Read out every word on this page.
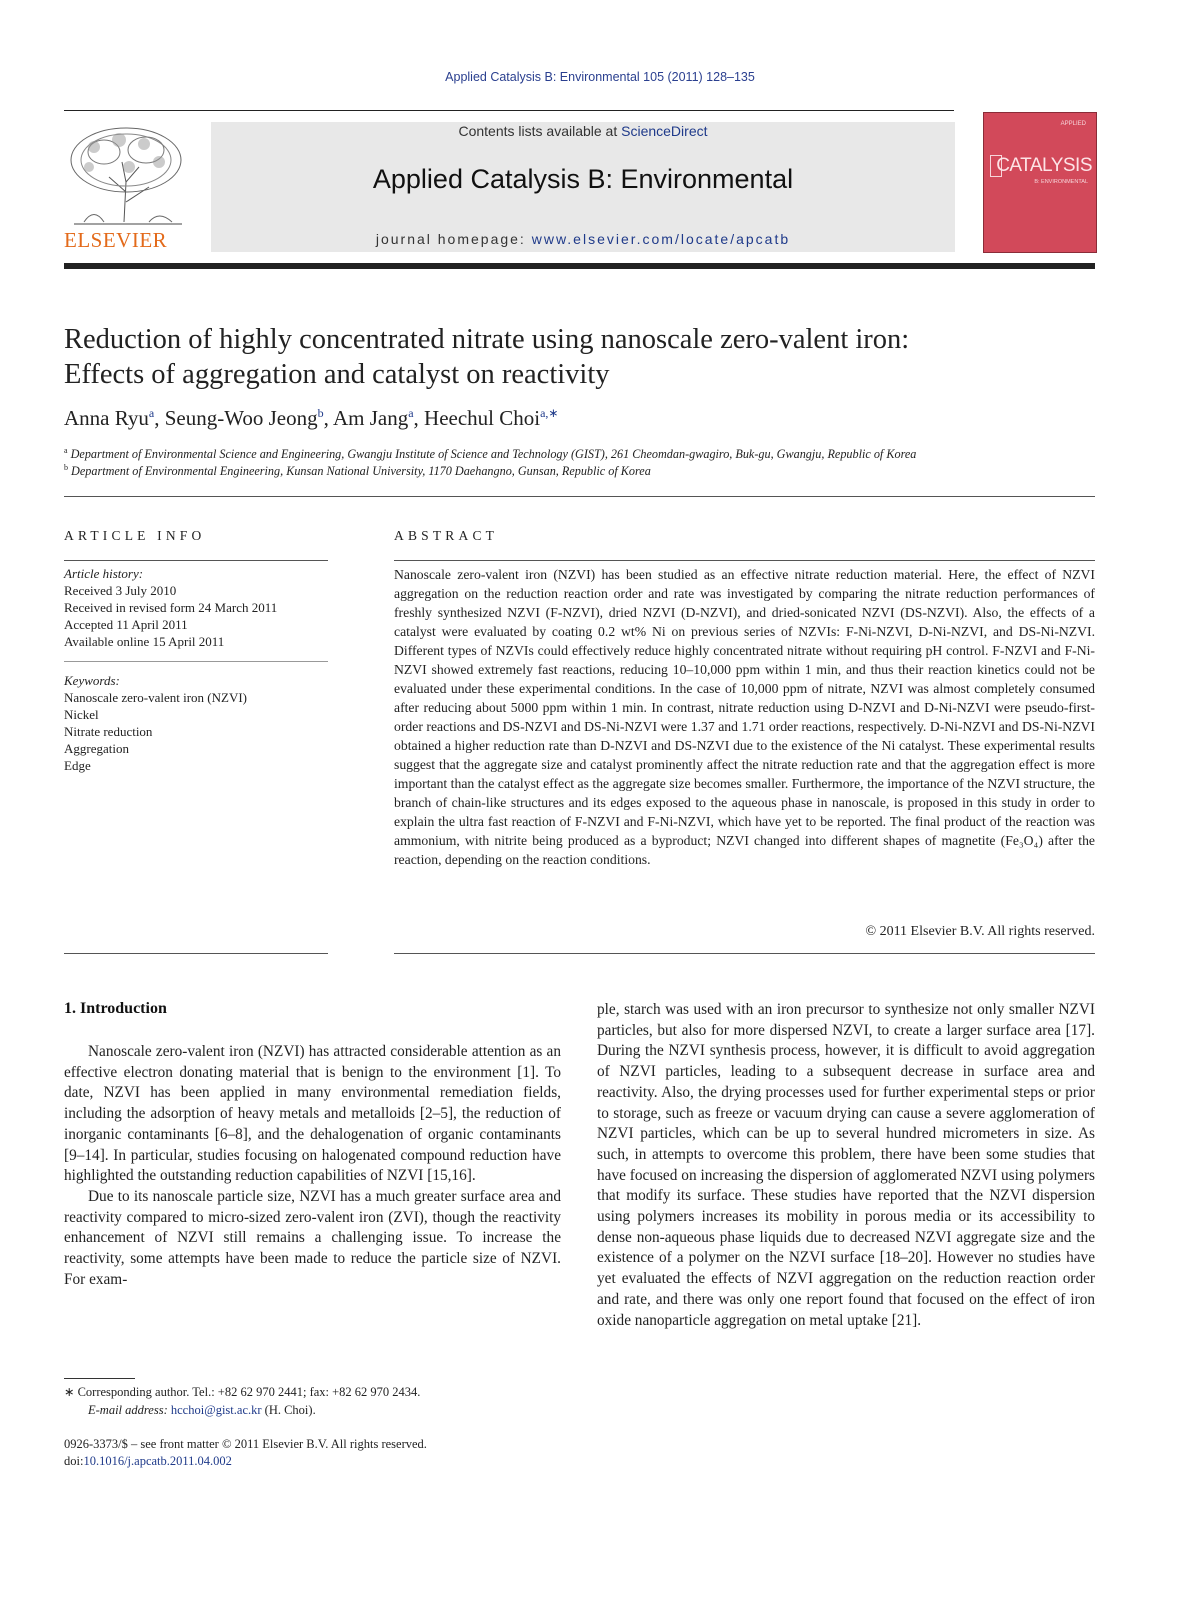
Applied Catalysis B: Environmental 105 (2011) 128–135
ELSEVIER
Contents lists available at ScienceDirect
Applied Catalysis B: Environmental
journal homepage: www.elsevier.com/locate/apcatb
APPLIED
CATALYSIS
B: ENVIRONMENTAL
Reduction of highly concentrated nitrate using nanoscale zero-valent iron:
Effects of aggregation and catalyst on reactivity
Anna Ryu$^a$, Seung-Woo Jeong$^b$, Am Jang$^a$, Heechul Choi$^{a,∗}$
$^a$ Department of Environmental Science and Engineering, Gwangju Institute of Science and Technology (GIST), 261 Cheomdan-gwagiro, Buk-gu, Gwangju, Republic of Korea
$^b$ Department of Environmental Engineering, Kunsan National University, 1170 Daehangno, Gunsan, Republic of Korea
ARTICLE INFO
Article history:
Received 3 July 2010
Received in revised form 24 March 2011
Accepted 11 April 2011
Available online 15 April 2011
Keywords:
Nanoscale zero-valent iron (NZVI)
Nickel
Nitrate reduction
Aggregation
Edge
ABSTRACT
Nanoscale zero-valent iron (NZVI) has been studied as an effective nitrate reduction material. Here, the effect of NZVI aggregation on the reduction reaction order and rate was investigated by comparing the nitrate reduction performances of freshly synthesized NZVI (F-NZVI), dried NZVI (D-NZVI), and dried-sonicated NZVI (DS-NZVI). Also, the effects of a catalyst were evaluated by coating 0.2 wt% Ni on previous series of NZVIs: F-Ni-NZVI, D-Ni-NZVI, and DS-Ni-NZVI. Different types of NZVIs could effectively reduce highly concentrated nitrate without requiring pH control. F-NZVI and F-Ni-NZVI showed extremely fast reactions, reducing 10–10,000 ppm within 1 min, and thus their reaction kinetics could not be evaluated under these experimental conditions. In the case of 10,000 ppm of nitrate, NZVI was almost completely consumed after reducing about 5000 ppm within 1 min. In contrast, nitrate reduction using D-NZVI and D-Ni-NZVI were pseudo-first-order reactions and DS-NZVI and DS-Ni-NZVI were 1.37 and 1.71 order reactions, respectively. D-Ni-NZVI and DS-Ni-NZVI obtained a higher reduction rate than D-NZVI and DS-NZVI due to the existence of the Ni catalyst. These experimental results suggest that the aggregate size and catalyst prominently affect the nitrate reduction rate and that the aggregation effect is more important than the catalyst effect as the aggregate size becomes smaller. Furthermore, the importance of the NZVI structure, the branch of chain-like structures and its edges exposed to the aqueous phase in nanoscale, is proposed in this study in order to explain the ultra fast reaction of F-NZVI and F-Ni-NZVI, which have yet to be reported. The final product of the reaction was ammonium, with nitrite being produced as a byproduct; NZVI changed into different shapes of magnetite (Fe₃O₄) after the reaction, depending on the reaction conditions.
© 2011 Elsevier B.V. All rights reserved.
1. Introduction

Nanoscale zero-valent iron (NZVI) has attracted considerable attention as an effective electron donating material that is benign to the environment [1]. To date, NZVI has been applied in many environmental remediation fields, including the adsorption of heavy metals and metalloids [2–5], the reduction of inorganic contaminants [6–8], and the dehalogenation of organic contaminants [9–14]. In particular, studies focusing on halogenated compound reduction have highlighted the outstanding reduction capabilities of NZVI [15,16].

Due to its nanoscale particle size, NZVI has a much greater surface area and reactivity compared to micro-sized zero-valent iron (ZVI), though the reactivity enhancement of NZVI still remains a challenging issue. To increase the reactivity, some attempts have been made to reduce the particle size of NZVI. For exam-

ple, starch was used with an iron precursor to synthesize not only smaller NZVI particles, but also for more dispersed NZVI, to create a larger surface area [17]. During the NZVI synthesis process, however, it is difficult to avoid aggregation of NZVI particles, leading to a subsequent decrease in surface area and reactivity. Also, the drying processes used for further experimental steps or prior to storage, such as freeze or vacuum drying can cause a severe agglomeration of NZVI particles, which can be up to several hundred micrometers in size. As such, in attempts to overcome this problem, there have been some studies that have focused on increasing the dispersion of agglomerated NZVI using polymers that modify its surface. These studies have reported that the NZVI dispersion using polymers increases its mobility in porous media or its accessibility to dense non-aqueous phase liquids due to decreased NZVI aggregate size and the existence of a polymer on the NZVI surface [18–20]. However no studies have yet evaluated the effects of NZVI aggregation on the reduction reaction order and rate, and there was only one report found that focused on the effect of iron oxide nanoparticle aggregation on metal uptake [21].

∗ Corresponding author. Tel.: +82 62 970 2441; fax: +82 62 970 2434.
E-mail address: hcchoi@gist.ac.kr (H. Choi).
0926-3373/$ – see front matter © 2011 Elsevier B.V. All rights reserved.
doi:10.1016/j.apcatb.2011.04.002
